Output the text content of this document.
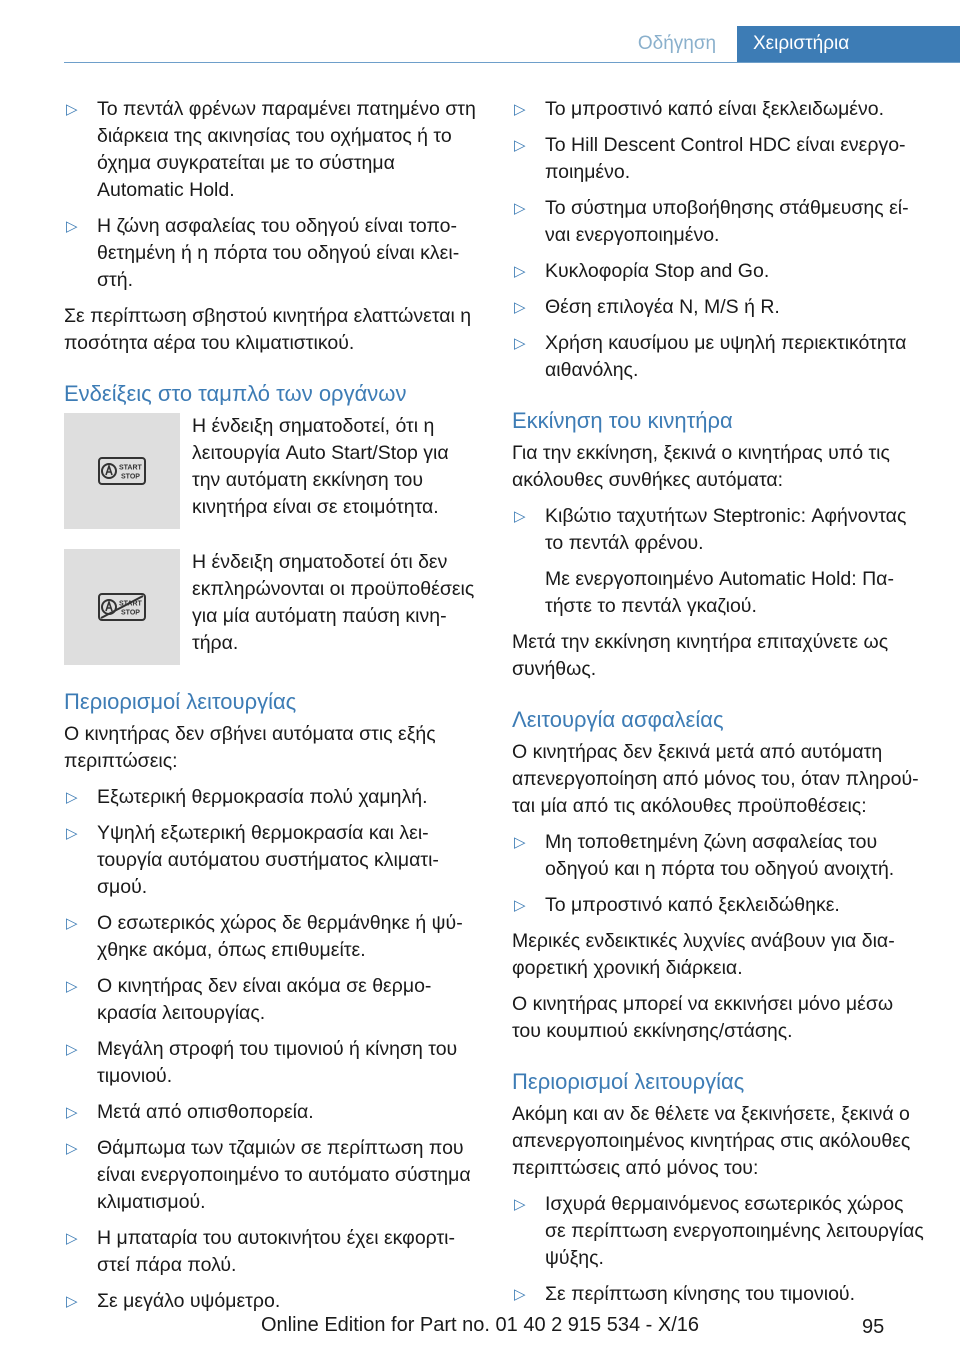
Οδήγηση	Χειριστήρια
▷ Το πεντάλ φρένων παραμένει πατημένο στη διάρκεια της ακινησίας του οχήματος ή το όχημα συγκρατείται με το σύστημα Automatic Hold.
▷ Η ζώνη ασφαλείας του οδηγού είναι τοποθετημένη ή η πόρτα του οδηγού είναι κλειστή.

Σε περίπτωση σβηστού κινητήρα ελαττώνεται η ποσότητα αέρα του κλιματιστικού.

Ενδείξεις στο ταμπλό των οργάνων
START
STOP
Η ένδειξη σηματοδοτεί, ότι η λειτουργία Auto Start/Stop για την αυτόματη εκκίνηση του κινητήρα είναι σε ετοιμότητα.
START
STOP
Η ένδειξη σηματοδοτεί ότι δεν εκπληρώνονται οι προϋποθέσεις για μία αυτόματη παύση κινητήρα.
Περιορισμοί λειτουργίας

Ο κινητήρας δεν σβήνει αυτόματα στις εξής περιπτώσεις:

▷ Εξωτερική θερμοκρασία πολύ χαμηλή.
▷ Υψηλή εξωτερική θερμοκρασία και λειτουργία αυτόματου συστήματος κλιματισμού.
▷ Ο εσωτερικός χώρος δε θερμάνθηκε ή ψύχθηκε ακόμα, όπως επιθυμείτε.
▷ Ο κινητήρας δεν είναι ακόμα σε θερμοκρασία λειτουργίας.
▷ Μεγάλη στροφή του τιμονιού ή κίνηση του τιμονιού.
▷ Μετά από οπισθοπορεία.
▷ Θάμπωμα των τζαμιών σε περίπτωση που είναι ενεργοποιημένο το αυτόματο σύστημα κλιματισμού.
▷ Η μπαταρία του αυτοκινήτου έχει εκφορτιστεί πάρα πολύ.
▷ Σε μεγάλο υψόμετρο.
▷ Το μπροστινό καπό είναι ξεκλειδωμένο.
▷ Το Hill Descent Control HDC είναι ενεργοποιημένο.
▷ Το σύστημα υποβοήθησης στάθμευσης είναι ενεργοποιημένο.
▷ Κυκλοφορία Stop and Go.
▷ Θέση επιλογέα N, M/S ή R.
▷ Χρήση καυσίμου με υψηλή περιεκτικότητα αιθανόλης.
Εκκίνηση του κινητήρα

Για την εκκίνηση, ξεκινά ο κινητήρας υπό τις ακόλουθες συνθήκες αυτόματα:

▷ Κιβώτιο ταχυτήτων Steptronic: Αφήνοντας το πεντάλ φρένου.
Με ενεργοποιημένο Automatic Hold: Πατήστε το πεντάλ γκαζιού.

Μετά την εκκίνηση κινητήρα επιταχύνετε ως συνήθως.

Λειτουργία ασφαλείας

Ο κινητήρας δεν ξεκινά μετά από αυτόματη απενεργοποίηση από μόνος του, όταν πληρούται μία από τις ακόλουθες προϋποθέσεις:

▷ Μη τοποθετημένη ζώνη ασφαλείας του οδηγού και η πόρτα του οδηγού ανοιχτή.
▷ Το μπροστινό καπό ξεκλειδώθηκε.

Μερικές ενδεικτικές λυχνίες ανάβουν για διαφορετική χρονική διάρκεια.

Ο κινητήρας μπορεί να εκκινήσει μόνο μέσω του κουμπιού εκκίνησης/στάσης.

Περιορισμοί λειτουργίας

Ακόμη και αν δε θέλετε να ξεκινήσετε, ξεκινά ο απενεργοποιημένος κινητήρας στις ακόλουθες περιπτώσεις από μόνος του:

▷ Ισχυρά θερμαινόμενος εσωτερικός χώρος σε περίπτωση ενεργοποιημένης λειτουργίας ψύξης.
▷ Σε περίπτωση κίνησης του τιμονιού.
95
Online Edition for Part no. 01 40 2 915 534 - X/16
